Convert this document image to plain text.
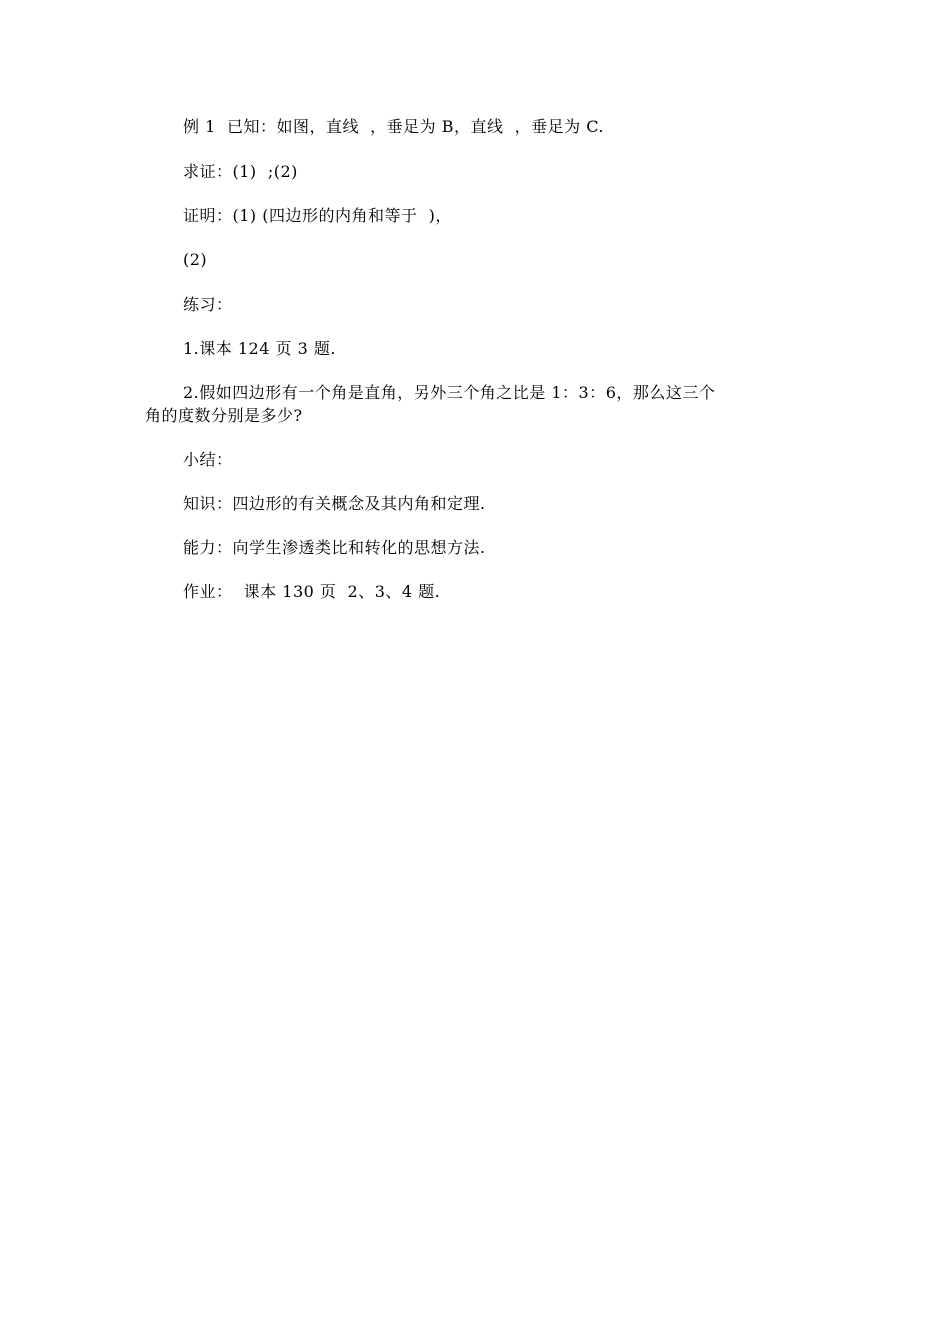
例 1  已知：如图，直线  ，垂足为 B，直线  ，垂足为 C.
求证：(1)  ;(2)
证明：(1) (四边形的内角和等于  )，
(2)
练习：
1.课本 124 页 3 题.
2.假如四边形有一个角是直角，另外三个角之比是 1：3：6，那么这三个
角的度数分别是多少?
小结：
知识：四边形的有关概念及其内角和定理.
能力：向学生渗透类比和转化的思想方法.
作业：  课本 130 页  2、3、4 题.
